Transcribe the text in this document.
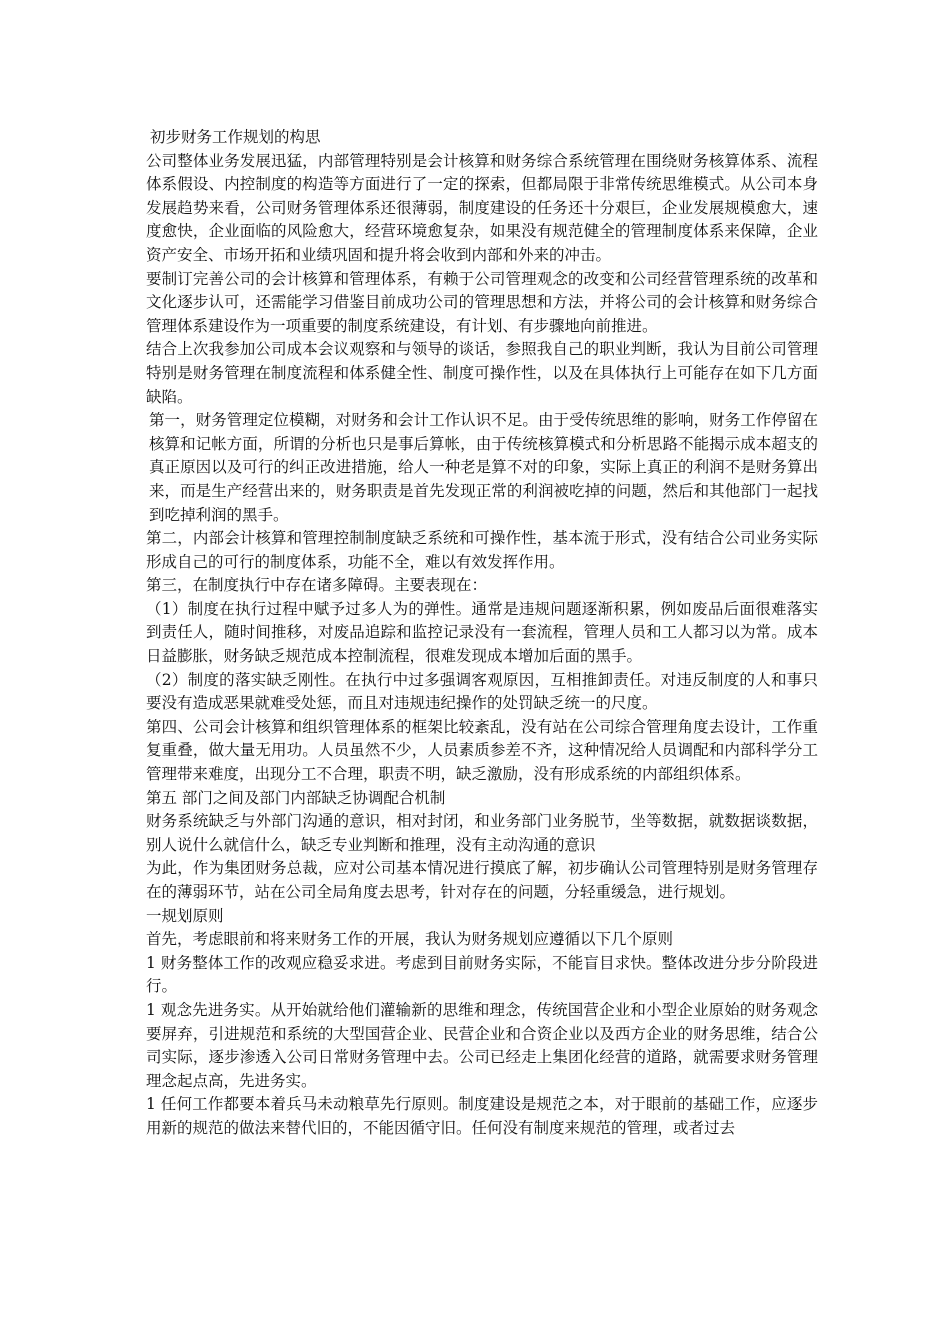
初步财务工作规划的构思

公司整体业务发展迅猛，内部管理特别是会计核算和财务综合系统管理在围绕财务核算体系、流程体系假设、内控制度的构造等方面进行了一定的探索，但都局限于非常传统思维模式。从公司本身发展趋势来看，公司财务管理体系还很薄弱，制度建设的任务还十分艰巨，企业发展规模愈大，速度愈快，企业面临的风险愈大，经营环境愈复杂，如果没有规范健全的管理制度体系来保障，企业资产安全、市场开拓和业绩巩固和提升将会收到内部和外来的冲击。

要制订完善公司的会计核算和管理体系，有赖于公司管理观念的改变和公司经营管理系统的改革和文化逐步认可，还需能学习借鉴目前成功公司的管理思想和方法，并将公司的会计核算和财务综合管理体系建设作为一项重要的制度系统建设，有计划、有步骤地向前推进。

结合上次我参加公司成本会议观察和与领导的谈话，参照我自己的职业判断，我认为目前公司管理特别是财务管理在制度流程和体系健全性、制度可操作性，以及在具体执行上可能存在如下几方面缺陷。

第一，财务管理定位模糊，对财务和会计工作认识不足。由于受传统思维的影响，财务工作停留在核算和记帐方面，所谓的分析也只是事后算帐，由于传统核算模式和分析思路不能揭示成本超支的真正原因以及可行的纠正改进措施，给人一种老是算不对的印象，实际上真正的利润不是财务算出来，而是生产经营出来的，财务职责是首先发现正常的利润被吃掉的问题，然后和其他部门一起找到吃掉利润的黑手。

第二，内部会计核算和管理控制制度缺乏系统和可操作性，基本流于形式，没有结合公司业务实际形成自己的可行的制度体系，功能不全，难以有效发挥作用。

第三，在制度执行中存在诸多障碍。主要表现在：

（1）制度在执行过程中赋予过多人为的弹性。通常是违规问题逐渐积累，例如废品后面很难落实到责任人，随时间推移，对废品追踪和监控记录没有一套流程，管理人员和工人都习以为常。成本日益膨胀，财务缺乏规范成本控制流程，很难发现成本增加后面的黑手。

（2）制度的落实缺乏刚性。在执行中过多强调客观原因，互相推卸责任。对违反制度的人和事只要没有造成恶果就难受处惩，而且对违规违纪操作的处罚缺乏统一的尺度。

第四、公司会计核算和组织管理体系的框架比较紊乱，没有站在公司综合管理角度去设计，工作重复重叠，做大量无用功。人员虽然不少，人员素质参差不齐，这种情况给人员调配和内部科学分工管理带来难度，出现分工不合理，职责不明，缺乏激励，没有形成系统的内部组织体系。

第五 部门之间及部门内部缺乏协调配合机制

财务系统缺乏与外部门沟通的意识，相对封闭，和业务部门业务脱节，坐等数据，就数据谈数据，别人说什么就信什么，缺乏专业判断和推理，没有主动沟通的意识

为此，作为集团财务总裁，应对公司基本情况进行摸底了解，初步确认公司管理特别是财务管理存在的薄弱环节，站在公司全局角度去思考，针对存在的问题，分轻重缓急，进行规划。

一规划原则

首先，考虑眼前和将来财务工作的开展，我认为财务规划应遵循以下几个原则

1 财务整体工作的改观应稳妥求进。考虑到目前财务实际，不能盲目求快。整体改进分步分阶段进行。

1 观念先进务实。从开始就给他们灌输新的思维和理念，传统国营企业和小型企业原始的财务观念要屏弃，引进规范和系统的大型国营企业、民营企业和合资企业以及西方企业的财务思维，结合公司实际，逐步渗透入公司日常财务管理中去。公司已经走上集团化经营的道路，就需要求财务管理理念起点高，先进务实。

1 任何工作都要本着兵马未动粮草先行原则。制度建设是规范之本，对于眼前的基础工作，应逐步用新的规范的做法来替代旧的，不能因循守旧。任何没有制度来规范的管理，或者过去
